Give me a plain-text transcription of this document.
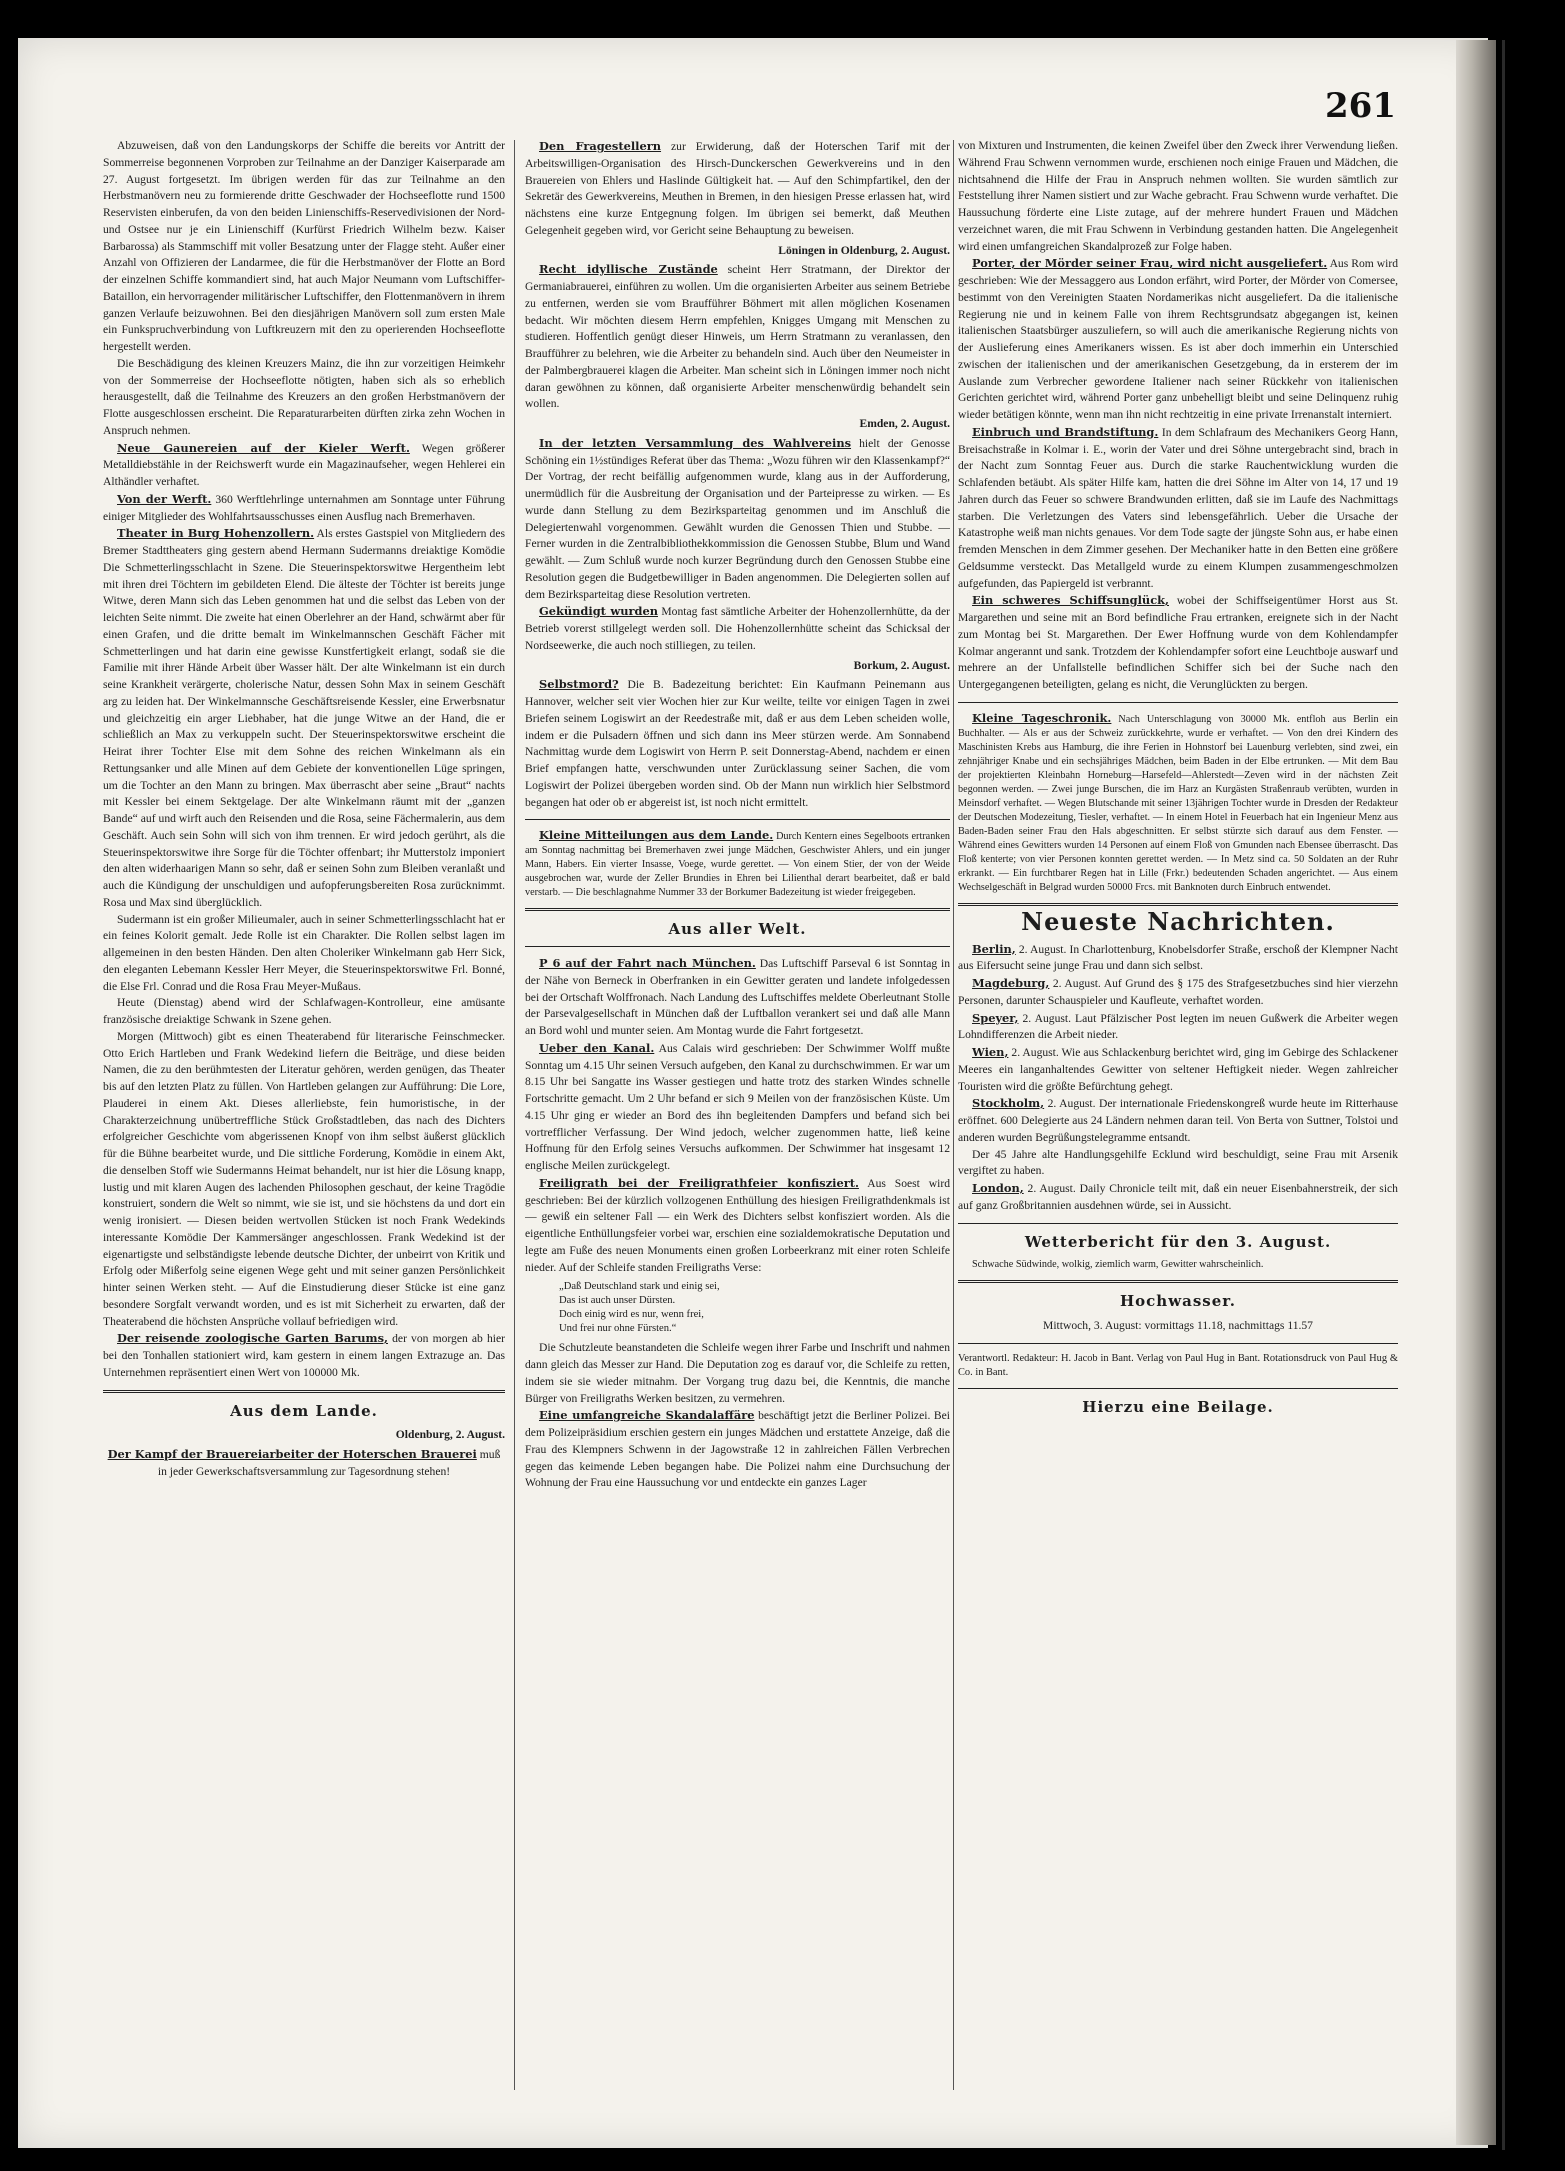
261

Abzuweisen, daß von den Landungskorps der Schiffe die bereits vor Antritt der Sommerreise begonnenen Vorproben zur Teilnahme an der Danziger Kaiserparade am 27. August fortgesetzt. Im übrigen werden für das zur Teilnahme an den Herbstmanövern neu zu formierende dritte Geschwader der Hochseeflotte rund 1500 Reservisten einberufen, da von den beiden Linienschiffs-Reservedivisionen der Nord- und Ostsee nur je ein Linienschiff (Kurfürst Friedrich Wilhelm bezw. Kaiser Barbarossa) als Stammschiff mit voller Besatzung unter der Flagge steht. Außer einer Anzahl von Offizieren der Landarmee, die für die Herbstmanöver der Flotte an Bord der einzelnen Schiffe kommandiert sind, hat auch Major Neumann vom Luftschiffer-Bataillon, ein hervorragender militärischer Luftschiffer, den Flottenmanövern in ihrem ganzen Verlaufe beizuwohnen. Bei den diesjährigen Manövern soll zum ersten Male ein Funkspruchverbindung von Luftkreuzern mit den zu operierenden Hochseeflotte hergestellt werden.

Die Beschädigung des kleinen Kreuzers Mainz, die ihn zur vorzeitigen Heimkehr von der Sommerreise der Hochseeflotte nötigten, haben sich als so erheblich herausgestellt, daß die Teilnahme des Kreuzers an den großen Herbstmanövern der Flotte ausgeschlossen erscheint. Die Reparaturarbeiten dürften zirka zehn Wochen in Anspruch nehmen.

Neue Gaunereien auf der Kieler Werft. Wegen größerer Metalldiebstähle in der Reichswerft wurde ein Magazinaufseher, wegen Hehlerei ein Althändler verhaftet.

Von der Werft. 360 Werftlehrlinge unternahmen am Sonntage unter Führung einiger Mitglieder des Wohlfahrtsausschusses einen Ausflug nach Bremerhaven.

Theater in Burg Hohenzollern. Als erstes Gastspiel von Mitgliedern des Bremer Stadttheaters ging gestern abend Hermann Sudermanns dreiaktige Komödie Die Schmetterlingsschlacht in Szene. Die Steuerinspektorswitwe Hergentheim lebt mit ihren drei Töchtern im gebildeten Elend. Die älteste der Töchter ist bereits junge Witwe, deren Mann sich das Leben genommen hat und die selbst das Leben von der leichten Seite nimmt. Die zweite hat einen Oberlehrer an der Hand, schwärmt aber für einen Grafen, und die dritte bemalt im Winkelmannschen Geschäft Fächer mit Schmetterlingen und hat darin eine gewisse Kunstfertigkeit erlangt, sodaß sie die Familie mit ihrer Hände Arbeit über Wasser hält. Der alte Winkelmann ist ein durch seine Krankheit verärgerte, cholerische Natur, dessen Sohn Max in seinem Geschäft arg zu leiden hat. Der Winkelmannsche Geschäftsreisende Kessler, eine Erwerbsnatur und gleichzeitig ein arger Liebhaber, hat die junge Witwe an der Hand, die er schließlich an Max zu verkuppeln sucht. Der Steuerinspektorswitwe erscheint die Heirat ihrer Tochter Else mit dem Sohne des reichen Winkelmann als ein Rettungsanker und alle Minen auf dem Gebiete der konventionellen Lüge springen, um die Tochter an den Mann zu bringen. Max überrascht aber seine „Braut“ nachts mit Kessler bei einem Sektgelage. Der alte Winkelmann räumt mit der „ganzen Bande“ auf und wirft auch den Reisenden und die Rosa, seine Fächermalerin, aus dem Geschäft. Auch sein Sohn will sich von ihm trennen. Er wird jedoch gerührt, als die Steuerinspektorswitwe ihre Sorge für die Töchter offenbart; ihr Mutterstolz imponiert den alten widerhaarigen Mann so sehr, daß er seinen Sohn zum Bleiben veranlaßt und auch die Kündigung der unschuldigen und aufopferungsbereiten Rosa zurücknimmt. Rosa und Max sind überglücklich.

Sudermann ist ein großer Milieumaler, auch in seiner Schmetterlingsschlacht hat er ein feines Kolorit gemalt. Jede Rolle ist ein Charakter. Die Rollen selbst lagen im allgemeinen in den besten Händen. Den alten Choleriker Winkelmann gab Herr Sick, den eleganten Lebemann Kessler Herr Meyer, die Steuerinspektorswitwe Frl. Bonné, die Else Frl. Conrad und die Rosa Frau Meyer-Mußaus.

Heute (Dienstag) abend wird der Schlafwagen-Kontrolleur, eine amüsante französische dreiaktige Schwank in Szene gehen.

Morgen (Mittwoch) gibt es einen Theaterabend für literarische Feinschmecker. Otto Erich Hartleben und Frank Wedekind liefern die Beiträge, und diese beiden Namen, die zu den berühmtesten der Literatur gehören, werden genügen, das Theater bis auf den letzten Platz zu füllen. Von Hartleben gelangen zur Aufführung: Die Lore, Plauderei in einem Akt. Dieses allerliebste, fein humoristische, in der Charakterzeichnung unübertreffliche Stück Großstadtleben, das nach des Dichters erfolgreicher Geschichte vom abgerissenen Knopf von ihm selbst äußerst glücklich für die Bühne bearbeitet wurde, und Die sittliche Forderung, Komödie in einem Akt, die denselben Stoff wie Sudermanns Heimat behandelt, nur ist hier die Lösung knapp, lustig und mit klaren Augen des lachenden Philosophen geschaut, der keine Tragödie konstruiert, sondern die Welt so nimmt, wie sie ist, und sie höchstens da und dort ein wenig ironisiert. — Diesen beiden wertvollen Stücken ist noch Frank Wedekinds interessante Komödie Der Kammersänger angeschlossen. Frank Wedekind ist der eigenartigste und selbständigste lebende deutsche Dichter, der unbeirrt von Kritik und Erfolg oder Mißerfolg seine eigenen Wege geht und mit seiner ganzen Persönlichkeit hinter seinen Werken steht. — Auf die Einstudierung dieser Stücke ist eine ganz besondere Sorgfalt verwandt worden, und es ist mit Sicherheit zu erwarten, daß der Theaterabend die höchsten Ansprüche vollauf befriedigen wird.

Der reisende zoologische Garten Barums, der von morgen ab hier bei den Tonhallen stationiert wird, kam gestern in einem langen Extrazuge an. Das Unternehmen repräsentiert einen Wert von 100000 Mk.

Aus dem Lande.

Oldenburg, 2. August.

Der Kampf der Brauereiarbeiter der Hoterschen Brauerei muß in jeder Gewerkschaftsversammlung zur Tagesordnung stehen!

Den Fragestellern zur Erwiderung, daß der Hoterschen Tarif mit der Arbeitswilligen-Organisation des Hirsch-Dunckerschen Gewerkvereins und in den Brauereien von Ehlers und Haslinde Gültigkeit hat. — Auf den Schimpfartikel, den der Sekretär des Gewerkvereins, Meuthen in Bremen, in den hiesigen Presse erlassen hat, wird nächstens eine kurze Entgegnung folgen. Im übrigen sei bemerkt, daß Meuthen Gelegenheit gegeben wird, vor Gericht seine Behauptung zu beweisen.

Löningen in Oldenburg, 2. August.

Recht idyllische Zustände scheint Herr Stratmann, der Direktor der Germaniabrauerei, einführen zu wollen. Um die organisierten Arbeiter aus seinem Betriebe zu entfernen, werden sie vom Braufführer Böhmert mit allen möglichen Kosenamen bedacht. Wir möchten diesem Herrn empfehlen, Knigges Umgang mit Menschen zu studieren. Hoffentlich genügt dieser Hinweis, um Herrn Stratmann zu veranlassen, den Braufführer zu belehren, wie die Arbeiter zu behandeln sind. Auch über den Neumeister in der Palmbergbrauerei klagen die Arbeiter. Man scheint sich in Löningen immer noch nicht daran gewöhnen zu können, daß organisierte Arbeiter menschenwürdig behandelt sein wollen.

Emden, 2. August.

In der letzten Versammlung des Wahlvereins hielt der Genosse Schöning ein 1½stündiges Referat über das Thema: „Wozu führen wir den Klassenkampf?“ Der Vortrag, der recht beifällig aufgenommen wurde, klang aus in der Aufforderung, unermüdlich für die Ausbreitung der Organisation und der Parteipresse zu wirken. — Es wurde dann Stellung zu dem Bezirksparteitag genommen und im Anschluß die Delegiertenwahl vorgenommen. Gewählt wurden die Genossen Thien und Stubbe. — Ferner wurden in die Zentralbibliothekkommission die Genossen Stubbe, Blum und Wand gewählt. — Zum Schluß wurde noch kurzer Begründung durch den Genossen Stubbe eine Resolution gegen die Budgetbewilliger in Baden angenommen. Die Delegierten sollen auf dem Bezirksparteitag diese Resolution vertreten.

Gekündigt wurden Montag fast sämtliche Arbeiter der Hohenzollernhütte, da der Betrieb vorerst stillgelegt werden soll. Die Hohenzollernhütte scheint das Schicksal der Nordseewerke, die auch noch stilliegen, zu teilen.

Borkum, 2. August.

Selbstmord? Die B. Badezeitung berichtet: Ein Kaufmann Peinemann aus Hannover, welcher seit vier Wochen hier zur Kur weilte, teilte vor einigen Tagen in zwei Briefen seinem Logiswirt an der Reedestraße mit, daß er aus dem Leben scheiden wolle, indem er die Pulsadern öffnen und sich dann ins Meer stürzen werde. Am Sonnabend Nachmittag wurde dem Logiswirt von Herrn P. seit Donnerstag-Abend, nachdem er einen Brief empfangen hatte, verschwunden unter Zurücklassung seiner Sachen, die vom Logiswirt der Polizei übergeben worden sind. Ob der Mann nun wirklich hier Selbstmord begangen hat oder ob er abgereist ist, ist noch nicht ermittelt.

Kleine Mitteilungen aus dem Lande. Durch Kentern eines Segelboots ertranken am Sonntag nachmittag bei Bremerhaven zwei junge Mädchen, Geschwister Ahlers, und ein junger Mann, Habers. Ein vierter Insasse, Voege, wurde gerettet. — Von einem Stier, der von der Weide ausgebrochen war, wurde der Zeller Brundies in Ehren bei Lilienthal derart bearbeitet, daß er bald verstarb. — Die beschlagnahme Nummer 33 der Borkumer Badezeitung ist wieder freigegeben.

Aus aller Welt.

P 6 auf der Fahrt nach München. Das Luftschiff Parseval 6 ist Sonntag in der Nähe von Berneck in Oberfranken in ein Gewitter geraten und landete infolgedessen bei der Ortschaft Wolffronach. Nach Landung des Luftschiffes meldete Oberleutnant Stolle der Parsevalgesellschaft in München daß der Luftballon verankert sei und daß alle Mann an Bord wohl und munter seien. Am Montag wurde die Fahrt fortgesetzt.

Ueber den Kanal. Aus Calais wird geschrieben: Der Schwimmer Wolff mußte Sonntag um 4.15 Uhr seinen Versuch aufgeben, den Kanal zu durchschwimmen. Er war um 8.15 Uhr bei Sangatte ins Wasser gestiegen und hatte trotz des starken Windes schnelle Fortschritte gemacht. Um 2 Uhr befand er sich 9 Meilen von der französischen Küste. Um 4.15 Uhr ging er wieder an Bord des ihn begleitenden Dampfers und befand sich bei vortrefflicher Verfassung. Der Wind jedoch, welcher zugenommen hatte, ließ keine Hoffnung für den Erfolg seines Versuchs aufkommen. Der Schwimmer hat insgesamt 12 englische Meilen zurückgelegt.

Freiligrath bei der Freiligrathfeier konfisziert. Aus Soest wird geschrieben: Bei der kürzlich vollzogenen Enthüllung des hiesigen Freiligrathdenkmals ist — gewiß ein seltener Fall — ein Werk des Dichters selbst konfisziert worden. Als die eigentliche Enthüllungsfeier vorbei war, erschien eine sozialdemokratische Deputation und legte am Fuße des neuen Monuments einen großen Lorbeerkranz mit einer roten Schleife nieder. Auf der Schleife standen Freiligraths Verse:

„Daß Deutschland stark und einig sei,
Das ist auch unser Dürsten.
Doch einig wird es nur, wenn frei,
Und frei nur ohne Fürsten.“

Die Schutzleute beanstandeten die Schleife wegen ihrer Farbe und Inschrift und nahmen dann gleich das Messer zur Hand. Die Deputation zog es darauf vor, die Schleife zu retten, indem sie sie wieder mitnahm. Der Vorgang trug dazu bei, die Kenntnis, die manche Bürger von Freiligraths Werken besitzen, zu vermehren.

Eine umfangreiche Skandalaffäre beschäftigt jetzt die Berliner Polizei. Bei dem Polizeipräsidium erschien gestern ein junges Mädchen und erstattete Anzeige, daß die Frau des Klempners Schwenn in der Jagowstraße 12 in zahlreichen Fällen Verbrechen gegen das keimende Leben begangen habe. Die Polizei nahm eine Durchsuchung der Wohnung der Frau eine Haussuchung vor und entdeckte ein ganzes Lager

von Mixturen und Instrumenten, die keinen Zweifel über den Zweck ihrer Verwendung ließen. Während Frau Schwenn vernommen wurde, erschienen noch einige Frauen und Mädchen, die nichtsahnend die Hilfe der Frau in Anspruch nehmen wollten. Sie wurden sämtlich zur Feststellung ihrer Namen sistiert und zur Wache gebracht. Frau Schwenn wurde verhaftet. Die Haussuchung förderte eine Liste zutage, auf der mehrere hundert Frauen und Mädchen verzeichnet waren, die mit Frau Schwenn in Verbindung gestanden hatten. Die Angelegenheit wird einen umfangreichen Skandalprozeß zur Folge haben.

Porter, der Mörder seiner Frau, wird nicht ausgeliefert. Aus Rom wird geschrieben: Wie der Messaggero aus London erfährt, wird Porter, der Mörder von Comersee, bestimmt von den Vereinigten Staaten Nordamerikas nicht ausgeliefert. Da die italienische Regierung nie und in keinem Falle von ihrem Rechtsgrundsatz abgegangen ist, keinen italienischen Staatsbürger auszuliefern, so will auch die amerikanische Regierung nichts von der Auslieferung eines Amerikaners wissen. Es ist aber doch immerhin ein Unterschied zwischen der italienischen und der amerikanischen Gesetzgebung, da in ersterem der im Auslande zum Verbrecher gewordene Italiener nach seiner Rückkehr von italienischen Gerichten gerichtet wird, während Porter ganz unbehelligt bleibt und seine Delinquenz ruhig wieder betätigen könnte, wenn man ihn nicht rechtzeitig in eine private Irrenanstalt interniert.

Einbruch und Brandstiftung. In dem Schlafraum des Mechanikers Georg Hann, Breisachstraße in Kolmar i. E., worin der Vater und drei Söhne untergebracht sind, brach in der Nacht zum Sonntag Feuer aus. Durch die starke Rauchentwicklung wurden die Schlafenden betäubt. Als später Hilfe kam, hatten die drei Söhne im Alter von 14, 17 und 19 Jahren durch das Feuer so schwere Brandwunden erlitten, daß sie im Laufe des Nachmittags starben. Die Verletzungen des Vaters sind lebensgefährlich. Ueber die Ursache der Katastrophe weiß man nichts genaues. Vor dem Tode sagte der jüngste Sohn aus, er habe einen fremden Menschen in dem Zimmer gesehen. Der Mechaniker hatte in den Betten eine größere Geldsumme versteckt. Das Metallgeld wurde zu einem Klumpen zusammengeschmolzen aufgefunden, das Papiergeld ist verbrannt.

Ein schweres Schiffsunglück, wobei der Schiffseigentümer Horst aus St. Margarethen und seine mit an Bord befindliche Frau ertranken, ereignete sich in der Nacht zum Montag bei St. Margarethen. Der Ewer Hoffnung wurde von dem Kohlendampfer Kolmar angerannt und sank. Trotzdem der Kohlendampfer sofort eine Leuchtboje auswarf und mehrere an der Unfallstelle befindlichen Schiffer sich bei der Suche nach den Untergegangenen beteiligten, gelang es nicht, die Verunglückten zu bergen.

Kleine Tageschronik. Nach Unterschlagung von 30000 Mk. entfloh aus Berlin ein Buchhalter. — Als er aus der Schweiz zurückkehrte, wurde er verhaftet. — Von den drei Kindern des Maschinisten Krebs aus Hamburg, die ihre Ferien in Hohnstorf bei Lauenburg verlebten, sind zwei, ein zehnjähriger Knabe und ein sechsjähriges Mädchen, beim Baden in der Elbe ertrunken. — Mit dem Bau der projektierten Kleinbahn Horneburg—Harsefeld—Ahlerstedt—Zeven wird in der nächsten Zeit begonnen werden. — Zwei junge Burschen, die im Harz an Kurgästen Straßenraub verübten, wurden in Meinsdorf verhaftet. — Wegen Blutschande mit seiner 13jährigen Tochter wurde in Dresden der Redakteur der Deutschen Modezeitung, Tiesler, verhaftet. — In einem Hotel in Feuerbach hat ein Ingenieur Menz aus Baden-Baden seiner Frau den Hals abgeschnitten. Er selbst stürzte sich darauf aus dem Fenster. — Während eines Gewitters wurden 14 Personen auf einem Floß von Gmunden nach Ebensee überrascht. Das Floß kenterte; von vier Personen konnten gerettet werden. — In Metz sind ca. 50 Soldaten an der Ruhr erkrankt. — Ein furchtbarer Regen hat in Lille (Frkr.) bedeutenden Schaden angerichtet. — Aus einem Wechselgeschäft in Belgrad wurden 50000 Frcs. mit Banknoten durch Einbruch entwendet.

Neueste Nachrichten.

Berlin, 2. August. In Charlottenburg, Knobelsdorfer Straße, erschoß der Klempner Nacht aus Eifersucht seine junge Frau und dann sich selbst.

Magdeburg, 2. August. Auf Grund des § 175 des Strafgesetzbuches sind hier vierzehn Personen, darunter Schauspieler und Kaufleute, verhaftet worden.

Speyer, 2. August. Laut Pfälzischer Post legten im neuen Gußwerk die Arbeiter wegen Lohndifferenzen die Arbeit nieder.

Wien, 2. August. Wie aus Schlackenburg berichtet wird, ging im Gebirge des Schlackener Meeres ein langanhaltendes Gewitter von seltener Heftigkeit nieder. Wegen zahlreicher Touristen wird die größte Befürchtung gehegt.

Stockholm, 2. August. Der internationale Friedenskongreß wurde heute im Ritterhause eröffnet. 600 Delegierte aus 24 Ländern nehmen daran teil. Von Berta von Suttner, Tolstoi und anderen wurden Begrüßungstelegramme entsandt.

Der 45 Jahre alte Handlungsgehilfe Ecklund wird beschuldigt, seine Frau mit Arsenik vergiftet zu haben.

London, 2. August. Daily Chronicle teilt mit, daß ein neuer Eisenbahnerstreik, der sich auf ganz Großbritannien ausdehnen würde, sei in Aussicht.

Wetterbericht für den 3. August.

Schwache Südwinde, wolkig, ziemlich warm, Gewitter wahrscheinlich.

Hochwasser.

Mittwoch, 3. August: vormittags 11.18, nachmittags 11.57

Verantwortl. Redakteur: H. Jacob in Bant. Verlag von Paul Hug in Bant. Rotationsdruck von Paul Hug & Co. in Bant.

Hierzu eine Beilage.
